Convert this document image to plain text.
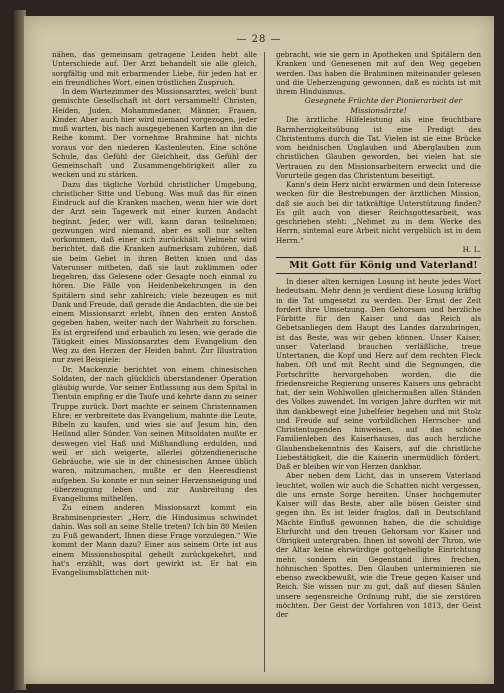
— 28 —

nähen, das gemeinsam getragene Leiden hebt alle Unterschiede auf. Der Arzt behandelt sie alle gleich, sorgfältig und mit erbarmender Liebe, für jeden hat er ein freundliches Wort, einen tröstlichen Zuspruch.

In dem Wartezimmer des Missionsarztes, welch' bunt gemischte Gesellschaft ist dort versammelt! Christen, Heiden, Juden, Mohammedaner, Männer, Frauen, Kinder. Aber auch hier wird niemand vorgezogen, jeder muß warten, bis nach ausgegebenen Karten an ihn die Reihe kommt. Der vornehme Brahmine hat nichts voraus vor den niederen Kastenleuten. Eine schöne Schule, das Gefühl der Gleichheit, das Gefühl der Gemeinschaft und Zusammengehörigkeit aller zu wecken und zu stärken.

Dazu das tägliche Vorbild christlicher Umgebung, christlicher Sitte und Uebung. Was muß das für einen Eindruck auf die Kranken machen, wenn hier wie dort der Arzt sein Tagewerk mit einer kurzen Andacht beginnt. Jeder, wer will, kann daran teilnehmen; gezwungen wird niemand, aber es soll nur selten vorkommen, daß einer sich zurückhält. Vielmehr wird berichtet, daß die Kranken aufmerksam zuhören, daß sie beim Gebet in ihren Betten knien und das Vaterunser mitbeten, daß sie laut zuklimmen oder begehren, das Gelesene oder Gesagte noch einmal zu hören. Die Fälle von Heidenbekehrungen in den Spitälern sind sehr zahlreich; viele bezeugen es mit Dank und Freude, daß gerade die Andachten, die sie bei einem Missionsarzt erlebt, ihnen den ersten Anstoß gegeben haben, weiter nach der Wahrheit zu forschen. Es ist ergreifend und erbaulich zu lesen, wie gerade die Tätigkeit eines Missionsarztes dem Evangelium den Weg zu den Herzen der Heiden bahnt. Zur Illustration nur zwei Beispiele:

Dr. Mackenzie berichtet von einem chinesischen Soldaten, der nach glücklich überstandener Operation gläubig wurde. Vor seiner Entlassung aus dem Spital in Tientsin empfing er die Taufe und kehrte dann zu seiner Truppe zurück. Dort machte er seinem Christennamen Ehre; er verbreitete das Evangelium, mahnte die Leute, Bibeln zu kaufen, und wies sie auf Jesum hin, den Heiland aller Sünder. Von seinen Mitsoldaten mußte er deswegen viel Haß und Mißhandlung erdulden, und weil er sich weigerte, allerlei götzendienerische Gebräuche, wie sie in der chinesischen Armee üblich waren, mitzumachen, mußte er den Heeresdienst aufgeben. So konnte er nun seiner Herzensneigung und -überzeugung leben und zur Ausbreitung des Evangeliums mithelfen.

Zu einem anderen Missionsarzt kommt ein Brahminenpriester: „Herr, die Hindusimus schwindet dahin. Was soll an seine Stelle treten? Ich bin 80 Meilen zu Fuß gewandert, Ihnen diese Frage vorzulegen.“ Wie kommt der Mann dazu? Einer aus seinem Orte ist aus einem Missionshospital geheilt zurückgekehrt, und hat's erzählt, was dort gewirkt ist. Er hat ein Evangeliumsblättchen mit-

gebracht, wie sie gern in Apotheken und Spitälern den Kranken und Genesenen mit auf den Weg gegeben werden. Das haben die Brahminen miteinander gelesen und die Ueberzeugung gewonnen, daß es nichts ist mit ihrem Hinduismus.

Gesegnete Früchte der Pionierarbeit der Missionsärzte!

Die ärztliche Hilfeleistung als eine feuchtbare Barmherzigkeitsübung ist eine Predigt des Christentums durch die Tat. Vielen ist sie eine Brücke vom heidnischen Unglauben und Aberglauben zum christlichen Glauben geworden, bei vielen hat sie Vertrauen zu den Missionsarbeitern erweckt und die Vorurteile gegen das Christentum beseitigt.

Kann's dein Herz nicht erwärmen und dein Interesse wecken für die Bestrebungen der ärztlichen Mission, daß sie auch bei dir tatkräftige Unterstützung finden? Es gilt auch von dieser Reichsgottesarbeit, was geschrieben steht: „Nehmet zu in dem Werke des Herrn, sintemal eure Arbeit nicht vergeblich ist in dem Herrn.“

H. L.

Mit Gott für König und Vaterland!

In dieser alten kernigen Losung ist heute jedes Wort bedeutsam. Mehr denn je verdient diese Losung kräftig in die Tat umgesetzt zu werden. Der Ernst der Zeit fordert ihre Umsetzung. Den Gehorsam und herzliche Fürbitte für den Kaiser und das Reich als Gebetsanliegen dem Haupt des Landes darzubringen, ist das Beste, was wir geben können. Unser Kaiser, unser Vaterland brauchen verläßliche, treue Untertanen, die Kopf und Herz auf dem rechten Fleck haben. Oft und mit Recht sind die Segnungen, die Fortschritte hervorgehoben worden, die die friedensreiche Regierung unseres Kaisers uns gebracht hat, der sein Wohlwollen gleichermaßen allen Ständen des Volkes zuwendet. Im vorigen Jahre durften wir mit ihm dankbewegt eine Jubelfeier begehen und mit Stolz und Freude auf seine vorbildlichen Herrscher- und Christentugenden hinweisen, auf das schöne Familienleben des Kaiserhauses, das auch herzliche Glaubensbekenntnis des Kaisers, auf die christliche Liebestätigkeit, die die Kaiserin unermüdlich fördert. Daß er bleiben wir von Herzen dankbar.

Aber neben dem Licht, das in unserem Vaterland leuchtet, wollen wir auch die Schatten nicht vergessen, die uns ernste Sorge bereiten. Unser hochgemuter Kaiser will das Beste, aber alle bösen Geister sind gegen ihn. Es ist leider fraglos, daß in Deutschland Mächte Einfluß gewonnen haben, die die schuldige Ehrfurcht und den treuen Gehorsam vor Kaiser und Obrigkeit untergraben. Ihnen ist sowohl der Thron, wie der Altar keine ehrwürdige gottgeheiligte Einrichtung mehr, sondern ein Gegenstand ihres frechen, höhnischen Spottes. Den Glauben unterminieren sie ebenso zweckbewußt, wie die Treue gegen Kaiser und Reich. Sie wissen nur zu gut, daß auf diesen Säulen unsere segensreiche Ordnung ruht, die sie zerstören möchten. Der Geist der Vorfahren von 1813, der Geist der
